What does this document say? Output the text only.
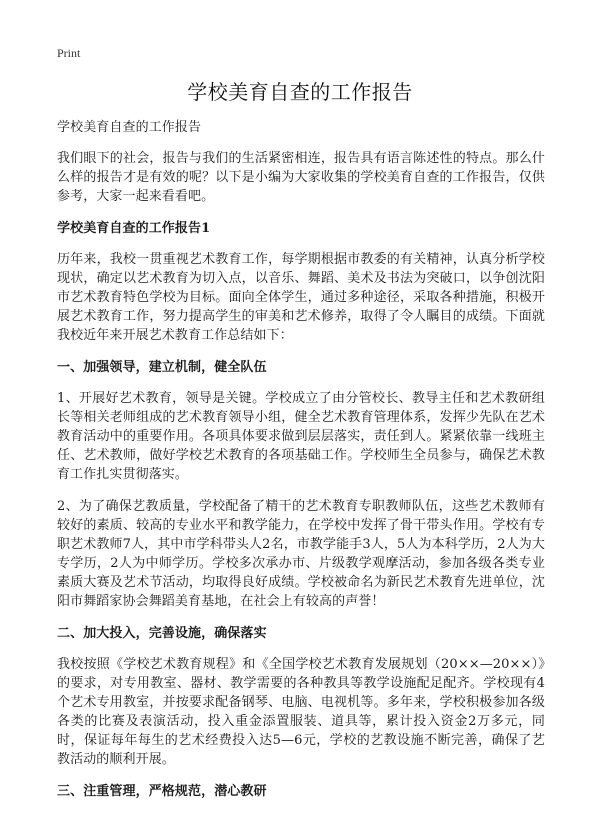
Print
学校美育自查的工作报告

学校美育自查的工作报告

我们眼下的社会，报告与我们的生活紧密相连，报告具有语言陈述性的特点。那么什么样的报告才是有效的呢？以下是小编为大家收集的学校美育自查的工作报告，仅供参考，大家一起来看看吧。

学校美育自查的工作报告1

历年来，我校一贯重视艺术教育工作，每学期根据市教委的有关精神，认真分析学校现状，确定以艺术教育为切入点，以音乐、舞蹈、美术及书法为突破口，以争创沈阳市艺术教育特色学校为目标。面向全体学生，通过多种途径，采取各种措施，积极开展艺术教育工作，努力提高学生的审美和艺术修养，取得了令人瞩目的成绩。下面就我校近年来开展艺术教育工作总结如下：

一、加强领导，建立机制，健全队伍

1、开展好艺术教育，领导是关键。学校成立了由分管校长、教导主任和艺术教研组长等相关老师组成的艺术教育领导小组，健全艺术教育管理体系，发挥少先队在艺术教育活动中的重要作用。各项具体要求做到层层落实，责任到人。紧紧依靠一线班主任、艺术教师，做好学校艺术教育的各项基础工作。学校师生全员参与，确保艺术教育工作扎实贯彻落实。

2、为了确保艺教质量，学校配备了精干的艺术教育专职教师队伍，这些艺术教师有较好的素质、较高的专业水平和教学能力，在学校中发挥了骨干带头作用。学校有专职艺术教师7人，其中市学科带头人2名，市教学能手3人，5人为本科学历，2人为大专学历，2人为中师学历。学校多次承办市、片级教学观摩活动，参加各级各类专业素质大赛及艺术节活动，均取得良好成绩。学校被命名为新民艺术教育先进单位，沈阳市舞蹈家协会舞蹈美育基地，在社会上有较高的声誉！

二、加大投入，完善设施，确保落实

我校按照《学校艺术教育规程》和《全国学校艺术教育发展规划（20××—20××）》的要求，对专用教室、器材、教学需要的各种教具等教学设施配足配齐。学校现有4个艺术专用教室，并按要求配备钢琴、电脑、电视机等。多年来，学校积极参加各级各类的比赛及表演活动，投入重金添置服装、道具等，累计投入资金2万多元，同时，保证每年每生的艺术经费投入达5—6元，学校的艺教设施不断完善，确保了艺教活动的顺利开展。

三、注重管理，严格规范，潜心教研
